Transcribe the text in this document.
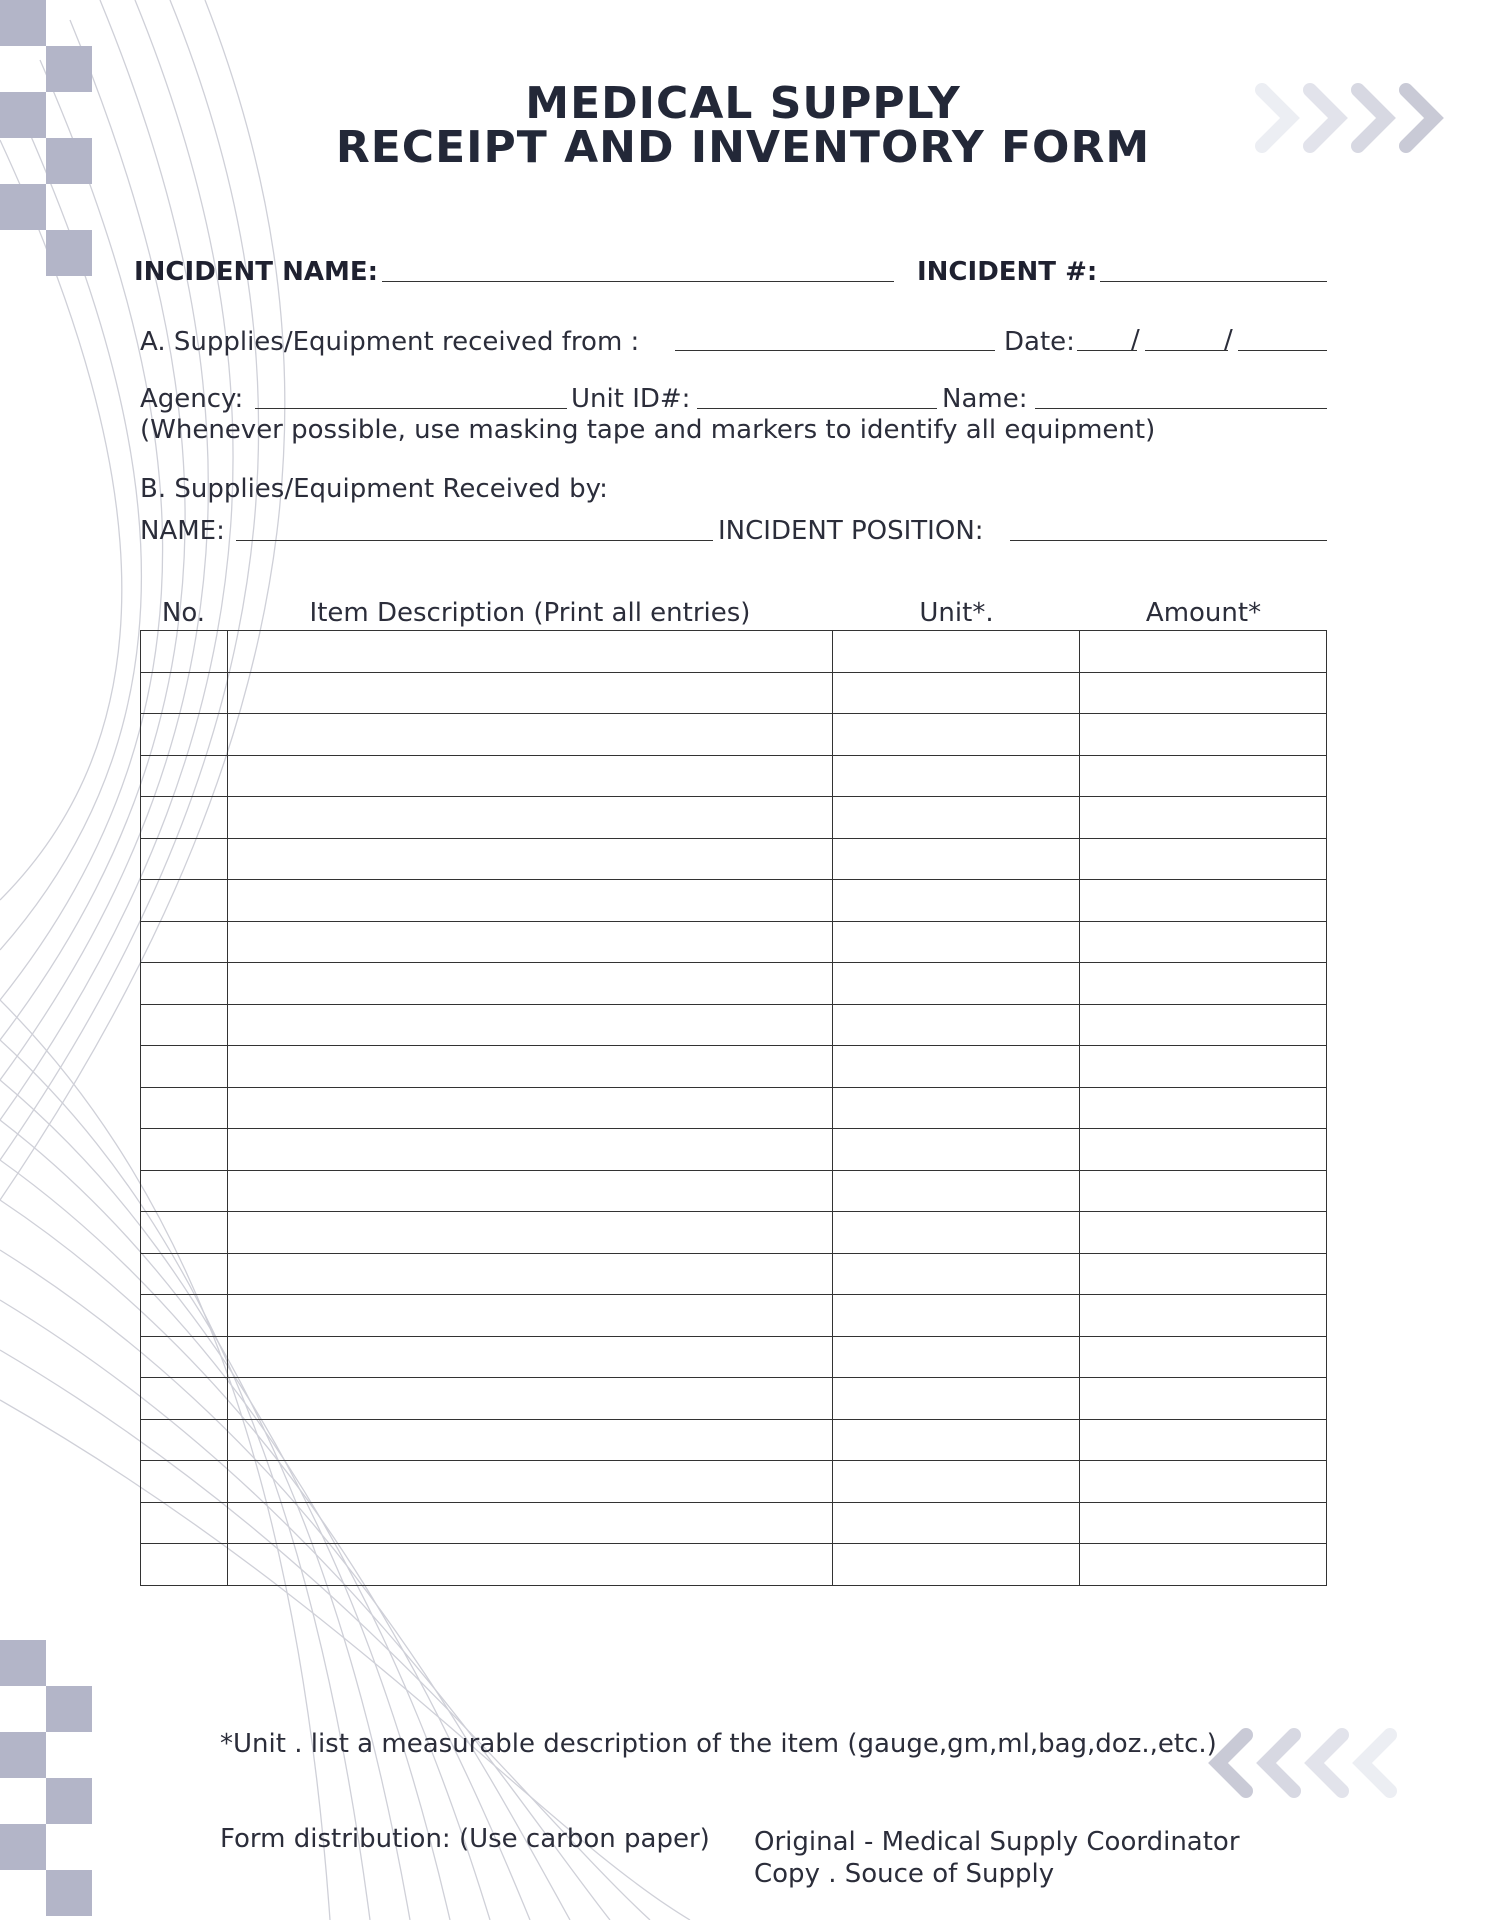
MEDICAL SUPPLY
RECEIPT AND INVENTORY FORM
INCIDENT NAME:	INCIDENT #:
A. Supplies/Equipment received from :	Date: /	/
Agency:	Unit ID#:	Name:
(Whenever possible, use masking tape and markers to identify all equipment)
B. Supplies/Equipment Received by:
NAME:	INCIDENT POSITION:
No.	Item Description (Print all entries)	Unit*.	Amount*

*Unit . list a measurable description of the item (gauge,gm,ml,bag,doz.,etc.)
Form distribution: (Use carbon paper) Original - Medical Supply Coordinator
Copy . Souce of Supply
